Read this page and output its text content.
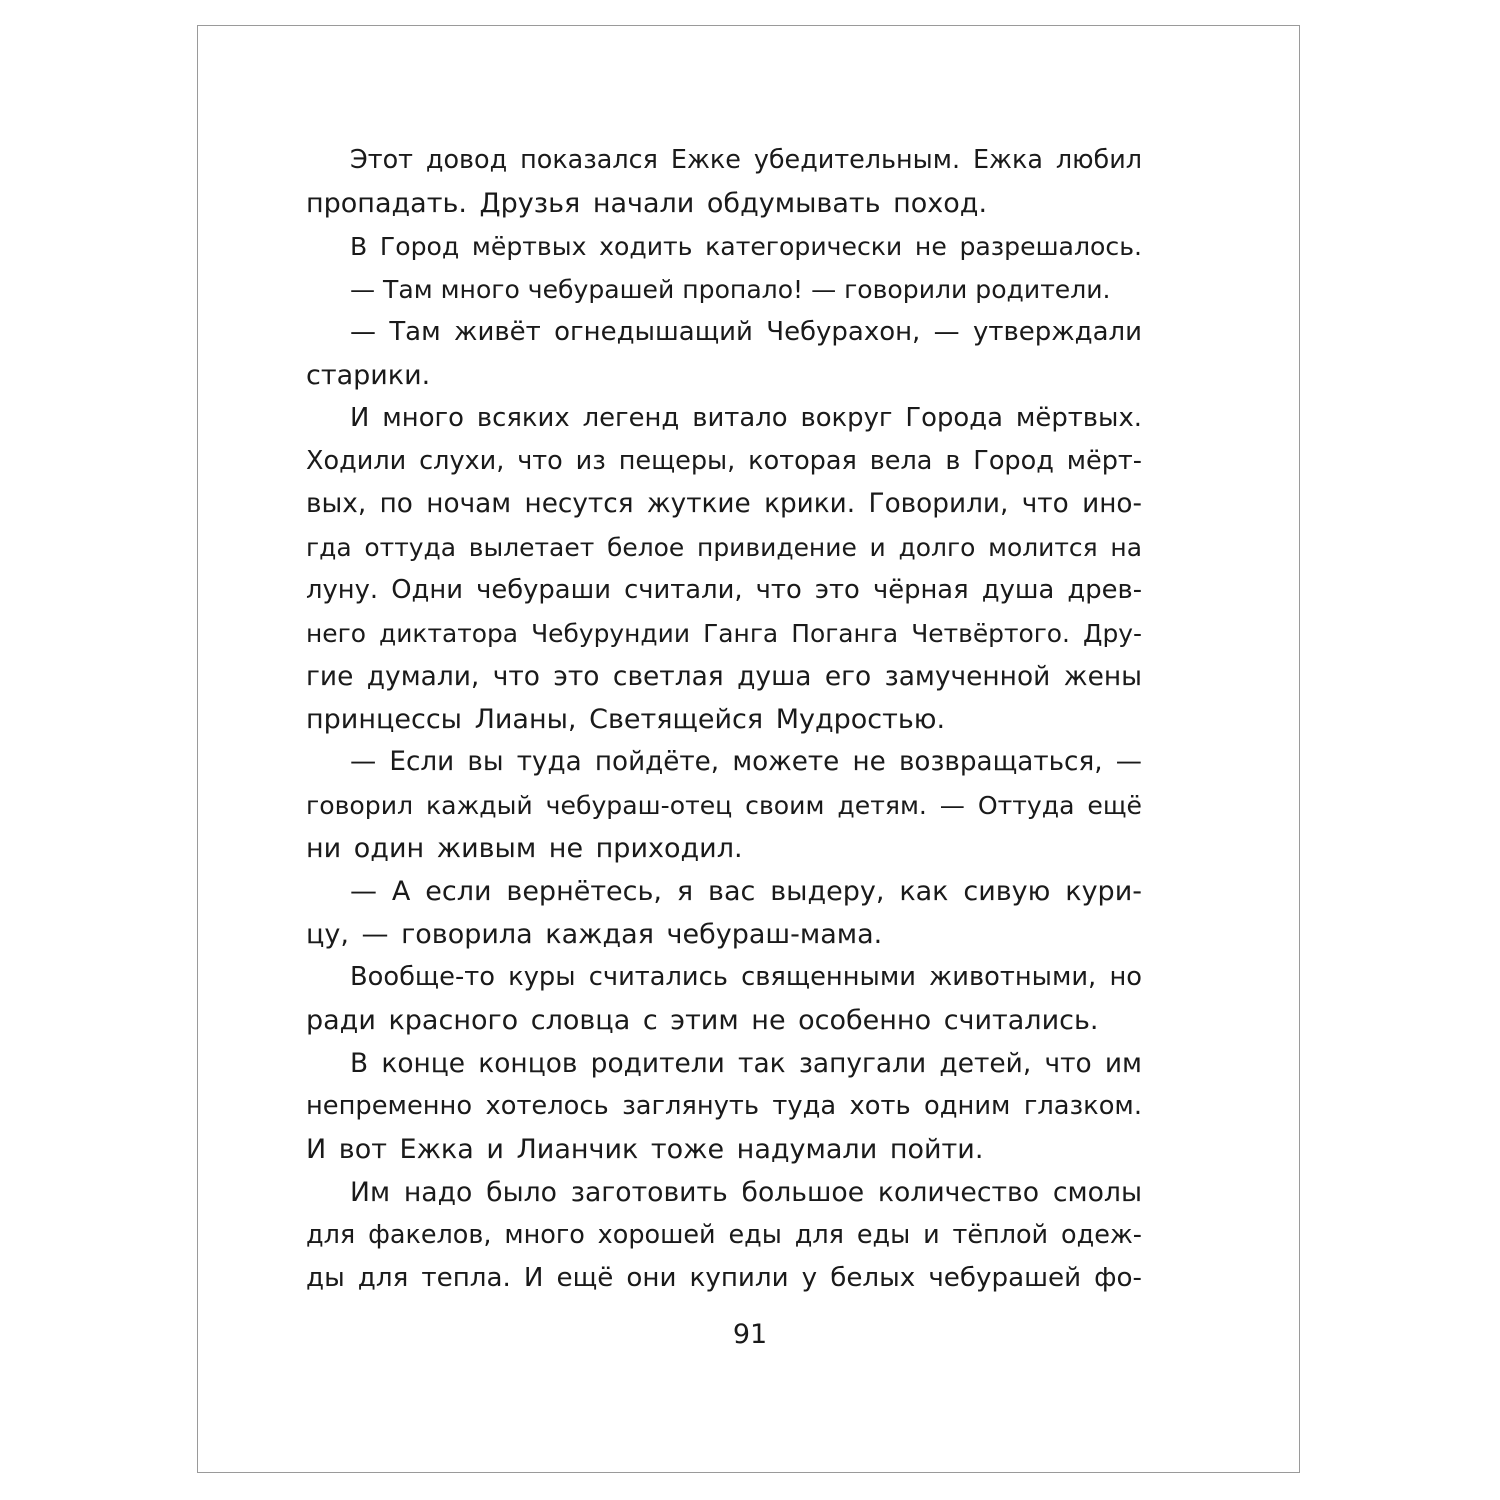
Этот довод показался Ежке убедительным. Ежка любил
пропадать. Друзья начали обдумывать поход.
В Город мёртвых ходить категорически не разрешалось.
— Там много чебурашей пропало! — говорили родители.
— Там живёт огнедышащий Чебурахон, — утверждали
старики.
И много всяких легенд витало вокруг Города мёртвых.
Ходили слухи, что из пещеры, которая вела в Город мёрт-
вых, по ночам несутся жуткие крики. Говорили, что ино-
гда оттуда вылетает белое привидение и долго молится на
луну. Одни чебураши считали, что это чёрная душа древ-
него диктатора Чебурундии Ганга Поганга Четвёртого. Дру-
гие думали, что это светлая душа его замученной жены
принцессы Лианы, Светящейся Мудростью.
— Если вы туда пойдёте, можете не возвращаться, —
говорил каждый чебураш-отец своим детям. — Оттуда ещё
ни один живым не приходил.
— А если вернётесь, я вас выдеру, как сивую кури-
цу, — говорила каждая чебураш-мама.
Вообще-то куры считались священными животными, но
ради красного словца с этим не особенно считались.
В конце концов родители так запугали детей, что им
непременно хотелось заглянуть туда хоть одним глазком.
И вот Ежка и Лианчик тоже надумали пойти.
Им надо было заготовить большое количество смолы
для факелов, много хорошей еды для еды и тёплой одеж-
ды для тепла. И ещё они купили у белых чебурашей фо-
91
